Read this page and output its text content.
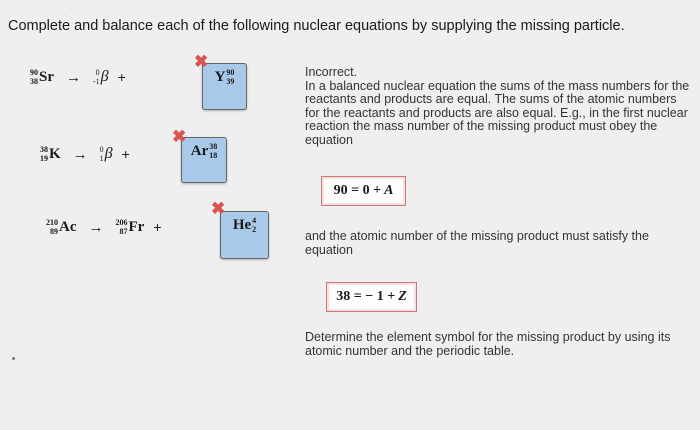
.
Complete and balance each of the following nuclear equations by supplying the missing particle.
90
38 Sr → 0
-1 β +	Y 90
39
✖
38
19 K → 0
1 β +	Ar 38
18
✖
210
89 Ac → 206
87 Fr +	He 4
2
✖

Incorrect.

In a balanced nuclear equation the sums of the mass numbers for the reactants and products are equal. The sums of the atomic numbers for the reactants and products are also equal. E.g., in the first nuclear reaction the mass number of the missing product must obey the equation

90 = 0 + A

and the atomic number of the missing product must satisfy the equation

38 = − 1 + Z

Determine the element symbol for the missing product by using its atomic number and the periodic table.
